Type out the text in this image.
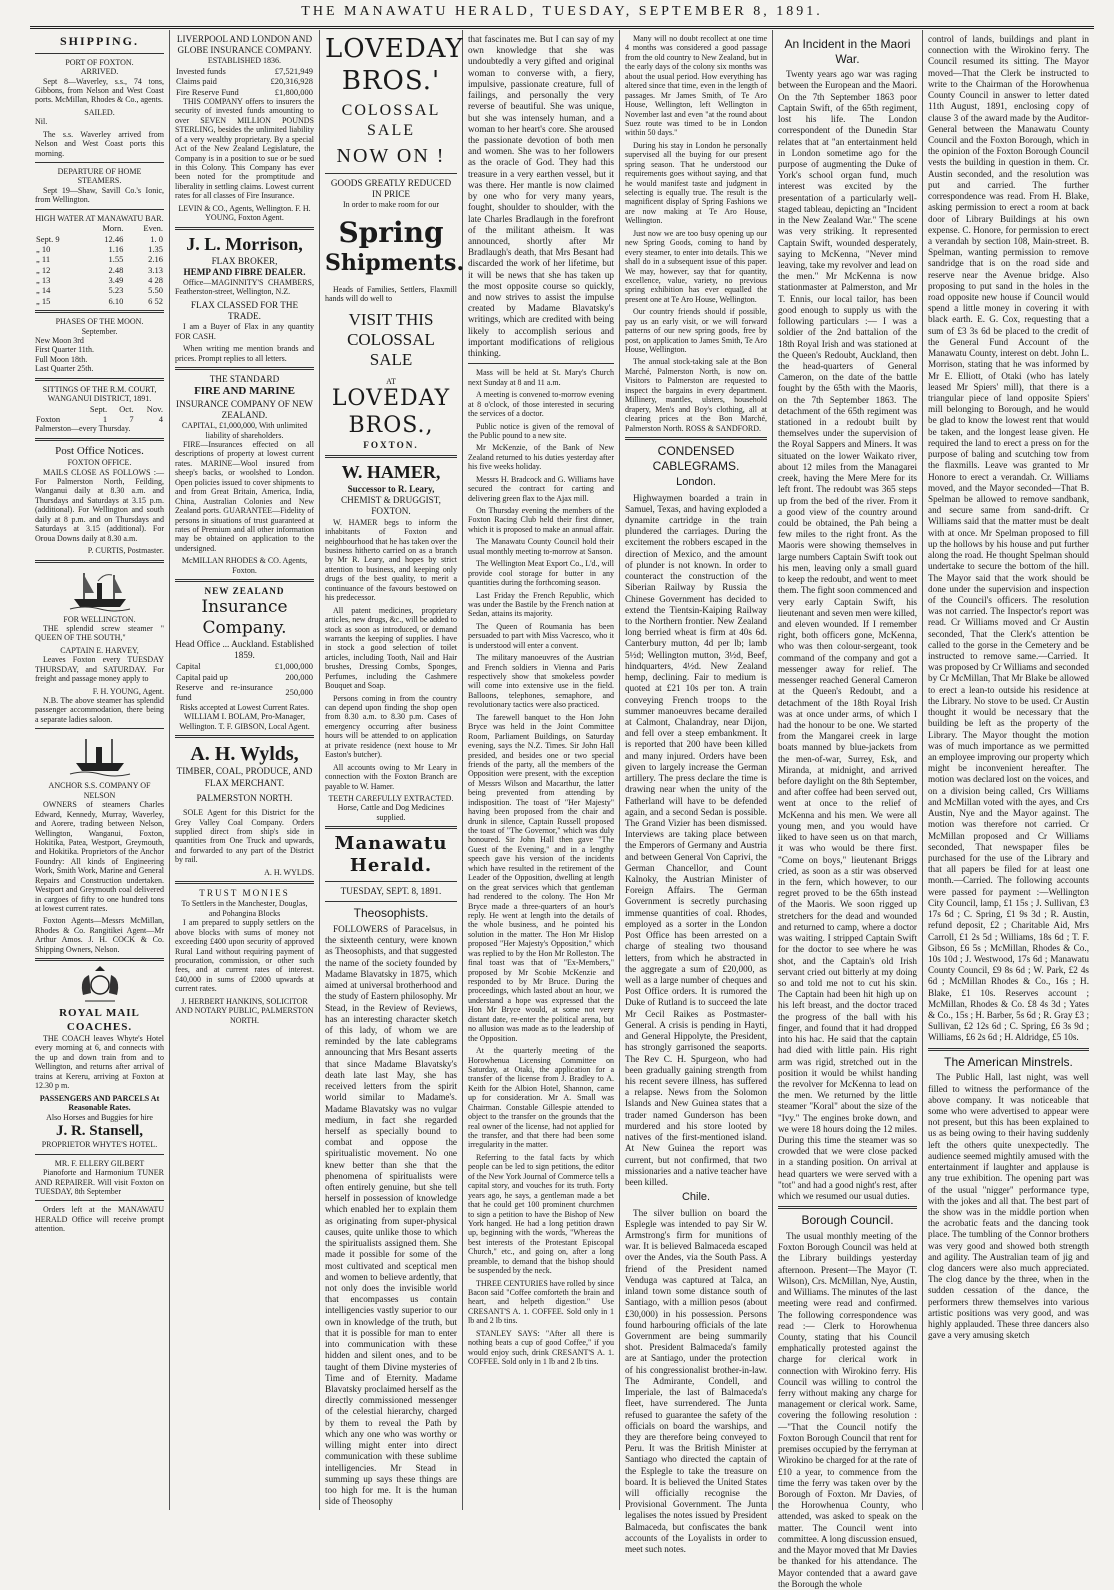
THE MANAWATU HERALD, TUESDAY, SEPTEMBER 8, 1891.
SHIPPING.
PORT OF FOXTON.
ARRIVED.

Sept 8—Waverley, s.s., 74 tons, Gibbons, from Nelson and West Coast ports. McMillan, Rhodes & Co., agents.

SAILED.

Nil.

The s.s. Waverley arrived from Nelson and West Coast ports this morning.

DEPARTURE OF HOME STEAMERS.

Sept 19—Shaw, Savill Co.'s Ionic, from Wellington.

HIGH WATER AT MANAWATU BAR.
	Morn.	Even.
Sept. 9	12.46	1. 0
„ 10	1.16	1.35
„ 11	1.55	2.16
„ 12	2.48	3.13
„ 13	3.49	4 28
„ 14	5.23	5.50
„ 15	6.10	6 52
PHASES OF THE MOON.
September.
New Moon 3rd
First Quarter 11th.
Full Moon 18th.
Last Quarter 25th.
SITTINGS OF THE R.M. COURT, WANGANUI DISTRICT, 1891.
	Sept.	Oct.	Nov.
Foxton	1	7	4
Palmerston—every Thursday.
Post Office Notices.
FOXTON OFFICE.

MAILS CLOSE AS FOLLOWS :— For Palmerston North, Feilding, Wanganui daily at 8.30 a.m. and Thursdays and Saturdays at 3.15 p.m. (additional). For Wellington and south daily at 8 p.m. and on Thursdays and Saturdays at 3.15 (additional). For Oroua Downs daily at 8.30 a.m.

P. CURTIS, Postmaster.
FOR WELLINGTON.

THE splendid screw steamer " QUEEN OF THE SOUTH,"

CAPTAIN E. HARVEY,

Leaves Foxton every TUESDAY THURSDAY, and SATURDAY. For freight and passage money apply to

F. H. YOUNG, Agent.

N.B. The above steamer has splendid passenger accommodation, there being a separate ladies saloon.

ANCHOR S.S. COMPANY OF NELSON

OWNERS of steamers Charles Edward, Kennedy, Murray, Waverley, and Aorere, trading between Nelson, Wellington, Wanganui, Foxton, Hokitika, Patea, Westport, Greymouth, and Hokitika. Proprietors of the Anchor Foundry: All kinds of Engineering Work, Smith Work, Marine and General Repairs and Construction undertaken. Westport and Greymouth coal delivered in cargoes of fifty to one hundred tons at lowest current rates.

Foxton Agents—Messrs McMillan, Rhodes & Co. Rangitikei Agent—Mr Arthur Amos. J. H. COCK & Co. Shipping Owners, Nelson.

ROYAL MAIL COACHES.

THE COACH leaves Whyte's Hotel every morning at 6, and connects with the up and down train from and to Wellington, and returns after arrival of trains at Kereru, arriving at Foxton at 12.30 p m.

PASSENGERS AND PARCELS At Reasonable Rates.
Also Horses and Buggies for hire
J. R. Stansell,
PROPRIETOR WHYTE'S HOTEL.
MR. F. ELLERY GILBERT

Pianoforte and Harmonium TUNER AND REPAIRER. Will visit Foxton on TUESDAY, 8th September

Orders left at the MANAWATU HERALD Office will receive prompt attention.

LIVERPOOL AND LONDON AND GLOBE INSURANCE COMPANY.
ESTABLISHED 1836.
Invested funds	£7,521,949
Claims paid	£20,316,928
Fire Reserve Fund	£1,800,000

THIS COMPANY offers to insurers the security of invested funds amounting to over SEVEN MILLION POUNDS STERLING, besides the unlimited liability of a very wealthy proprietary. By a special Act of the New Zealand Legislature, the Company is in a position to sue or be sued in this Colony. This Company has ever been noted for the promptitude and liberality in settling claims. Lowest current rates for all classes of Fire Insurance.

LEVIN & CO., Agents, Wellington. F. H. YOUNG, Foxton Agent.
J. L. Morrison,
FLAX BROKER,
HEMP AND FIBRE DEALER.

Office—MAGINNITY'S CHAMBERS, Featherston-street, Wellington, N.Z.

FLAX CLASSED FOR THE TRADE.

I am a Buyer of Flax in any quantity FOR CASH.

When writing me mention brands and prices. Prompt replies to all letters.

THE STANDARD
FIRE AND MARINE
INSURANCE COMPANY OF NEW ZEALAND.
CAPITAL, £1,000,000, With unlimited liability of shareholders.

FIRE—Insurances effected on all descriptions of property at lowest current rates. MARINE—Wool insured from sheep's backs, or woolshed to London. Open policies issued to cover shipments to and from Great Britain, America, India, China, Australian Colonies and New Zealand ports. GUARANTEE—Fidelity of persons in situations of trust guaranteed at rates of Premium and all other information may be obtained on application to the undersigned.

McMILLAN RHODES & CO. Agents, Foxton.
NEW ZEALAND
Insurance Company.
Head Office ... Auckland. Established 1859.
Capital	£1,000,000
Capital paid up	200,000
Reserve and re-insurance fund	250,000
Risks accepted at Lowest Current Rates.
WILLIAM I. BOLAM, Pro-Manager, Wellington. T. F. GIBSON, Local Agent.
A. H. Wylds,
TIMBER, COAL, PRODUCE, AND FLAX MERCHANT.
PALMERSTON NORTH.

SOLE Agent for this District for the Grey Valley Coal Company. Orders supplied direct from ship's side in quantities from One Truck and upwards, and forwarded to any part of the District by rail.

A. H. WYLDS.
TRUST MONIES
To Settlers in the Manchester, Douglas, and Pohangina Blocks

I am prepared to supply settlers on the above blocks with sums of money not exceeding £400 upon security of approved Rural Land without requiring payment of procuration, commission, or other such fees, and at current rates of interest. £40,000 in sums of £2000 upwards at current rates.

J. HERBERT HANKINS, SOLICITOR AND NOTARY PUBLIC, PALMERSTON NORTH.
LOVEDAY BROS.'
COLOSSAL SALE
NOW ON !
GOODS GREATLY REDUCED IN PRICE
In order to make room for our
Spring
Shipments.

Heads of Families, Settlers, Flaxmill hands will do well to

VISIT THIS COLOSSAL SALE
AT
LOVEDAY BROS.,
FOXTON.
W. HAMER,
Successor to R. Leary,
CHEMIST & DRUGGIST, FOXTON.

W. HAMER begs to inform the inhabitants of Foxton and neighbourhood that he has taken over the business hitherto carried on as a branch by Mr R. Leary, and hopes by strict attention to business, and keeping only drugs of the best quality, to merit a continuance of the favours bestowed on his predecessor.

All patent medicines, proprietary articles, new drugs, &c., will be added to stock as soon as introduced, or demand warrants the keeping of supplies. I have in stock a good selection of toilet articles, including Tooth, Nail and Hair brushes, Dressing Combs, Sponges, Perfumes, including the Cashmere Bouquet and Soap.

Persons coming in from the country can depend upon finding the shop open from 8.30 a.m. to 8.30 p.m. Cases of emergency occurring after business hours will be attended to on application at private residence (next house to Mr Easton's butcher).

All accounts owing to Mr Leary in connection with the Foxton Branch are payable to W. Hamer.

TEETH CAREFULLY EXTRACTED.
Horse, Cattle and Dog Medicines supplied.
Manawatu Herald.
TUESDAY, SEPT. 8, 1891.
Theosophists.

FOLLOWERS of Paracelsus, in the sixteenth century, were known as Theosophists, and that suggested the name of the society founded by Madame Blavatsky in 1875, which aimed at universal brotherhood and the study of Eastern philosophy. Mr Stead, in the Review of Reviews, has an interesting character sketch of this lady, of whom we are reminded by the late cablegrams announcing that Mrs Besant asserts that since Madame Blavatsky's death late last May, she has received letters from the spirit world similar to Madame's. Madame Blavatsky was no vulgar medium, in fact she regarded herself as specially bound to combat and oppose the spiritualistic movement. No one knew better than she that the phenomena of spiritualists were often entirely genuine, but she tell herself in possession of knowledge which enabled her to explain them as originating from super-physical causes, quite unlike those to which the spiritualists assigned them. She made it possible for some of the most cultivated and sceptical men and women to believe ardently, that not only does the invisible world that encompasses us contain intelligencies vastly superior to our own in knowledge of the truth, but that it is possible for man to enter into communication with these hidden and silent ones, and to be taught of them Divine mysteries of Time and of Eternity. Madame Blavatsky proclaimed herself as the directly commissioned messenger of the celestial hierarchy, charged by them to reveal the Path by which any one who was worthy or willing might enter into direct communication with these sublime intelligencies. Mr Stead in summing up says these things are too high for me. It is the human side of Theosophy

that fascinates me. But I can say of my own knowledge that she was undoubtedly a very gifted and original woman to converse with, a fiery, impulsive, passionate creature, full of failings, and personally the very reverse of beautiful. She was unique, but she was intensely human, and a woman to her heart's core. She aroused the passionate devotion of both men and women. She was to her followers as the oracle of God. They had this treasure in a very earthen vessel, but it was there. Her mantle is now claimed by one who for very many years, fought, shoulder to shoulder, with the late Charles Bradlaugh in the forefront of the militant atheism. It was announced, shortly after Mr Bradlaugh's death, that Mrs Besant had discarded the work of her lifetime, but it will be news that she has taken up the most opposite course so quickly, and now strives to assist the impulse created by Madame Blavatsky's writings, which are credited with being likely to accomplish serious and important modifications of religious thinking.

Mass will be held at St. Mary's Church next Sunday at 8 and 11 a.m.

A meeting is convened to-morrow evening at 8 o'clock, of those interested in securing the services of a doctor.

Public notice is given of the removal of the Public pound to a new site.

Mr McKenzie, of the Bank of New Zealand returned to his duties yesterday after his five weeks holiday.

Messrs H. Bradcock and G. Williams have secured the contract for carting and delivering green flax to the Ajax mill.

On Thursday evening the members of the Foxton Racing Club held their first dinner, which it is proposed to make an annual affair.

The Manawatu County Council hold their usual monthly meeting to-morrow at Sanson.

The Wellington Meat Export Co., L'd., will provide cool storage for butter in any quantities during the forthcoming season.

Last Friday the French Republic, which was under the Bastile by the French nation at Sedan, attains its majority.

The Queen of Roumania has been persuaded to part with Miss Vacresco, who it is understood will enter a convent.

The military manoeuvres of the Austrian and French soldiers in Vienna and Paris respectively show that smokeless powder will come into extensive use in the field. Balloons, telephones, semaphore, and revolutionary tactics were also practiced.

The farewell banquet to the Hon John Bryce was held in the Joint Committee Room, Parliament Buildings, on Saturday evening, says the N.Z. Times. Sir John Hall presided, and besides one or two special friends of the party, all the members of the Opposition were present, with the exception of Messrs Wilson and Macarthur, the latter being prevented from attending by indisposition. The toast of "Her Majesty" having been proposed from the chair and drunk in silence, Captain Russell proposed the toast of "The Governor," which was duly honoured. Sir John Hall then gave "The Guest of the Evening," and in a lengthy speech gave his version of the incidents which have resulted in the retirement of the Leader of the Opposition, dwelling at length on the great services which that gentleman had rendered to the colony. The Hon Mr Bryce made a three-quarters of an hour's reply. He went at length into the details of the whole business, and he pointed his solution in the matter. The Hon Mr Hislop proposed "Her Majesty's Opposition," which was replied to by the Hon Mr Rolleston. The final toast was that of "Ex-Members," proposed by Mr Scobie McKenzie and responded to by Mr Bruce. During the proceedings, which lasted about an hour, we understand a hope was expressed that the Hon Mr Bryce would, at some not very distant date, re-enter the political arena, but no allusion was made as to the leadership of the Opposition.

At the quarterly meeting of the Horowhenua Licensing Committee on Saturday, at Otaki, the application for a transfer of the license from J. Bradley to A. Keith for the Albion Hotel, Shannon, came up for consideration. Mr A. Small was Chairman. Constable Gillespie attended to object to the transfer on the grounds that the real owner of the license, had not applied for the transfer, and that there had been some irregularity in the matter.

Referring to the fatal facts by which people can be led to sign petitions, the editor of the New York Journal of Commerce tells a capital story, and vouches for its truth. Forty years ago, he says, a gentleman made a bet that he could get 100 prominent churchmen to sign a petition to have the Bishop of New York hanged. He had a long petition drawn up, beginning with the words, "Whereas the best interests of the Protestant Episcopal Church," etc., and going on, after a long preamble, to demand that the bishop should be suspended by the neck.

THREE CENTURIES have rolled by since Bacon said "Coffee comforteth the brain and heart, and helpeth digestion." Use CRESANT'S A. 1. COFFEE. Sold only in 1 lb and 2 lb tins.

STANLEY SAYS: "After all there is nothing beats a cup of good Coffee," if you would enjoy such, drink CRESANT'S A. 1. COFFEE. Sold only in 1 lb and 2 lb tins.

Many will no doubt recollect at one time 4 months was considered a good passage from the old country to New Zealand, but in the early days of the colony six months was about the usual period. How everything has altered since that time, even in the length of passages. Mr James Smith, of Te Aro House, Wellington, left Wellington in November last and even "at the round about Suez route was timed to be in London within 50 days."

During his stay in London he personally supervised all the buying for our present spring season. That he understood our requirements goes without saying, and that he would manifest taste and judgment in selecting is equally true. The result is the magnificent display of Spring Fashions we are now making at Te Aro House, Wellington.

Just now we are too busy opening up our new Spring Goods, coming to hand by every steamer, to enter into details. This we shall do in a subsequent issue of this paper. We may, however, say that for quantity, excellence, value, variety, no previous spring exhibition has ever equalled the present one at Te Aro House, Wellington.

Our country friends should if possible, pay us an early visit, or we will forward patterns of our new spring goods, free by post, on application to James Smith, Te Aro House, Wellington.

The annual stock-taking sale at the Bon Marché, Palmerston North, is now on. Visitors to Palmerston are requested to inspect the bargains in every department. Millinery, mantles, ulsters, household drapery, Men's and Boy's clothing, all at clearing prices at the Bon Marché, Palmerston North. ROSS & SANDFORD.

CONDENSED CABLEGRAMS.
London.

Highwaymen boarded a train in Samuel, Texas, and having exploded a dynamite cartridge in the train plundered the carriages. During the excitement the robbers escaped in the direction of Mexico, and the amount of plunder is not known. In order to counteract the construction of the Siberian Railway by Russia the Chinese Government has decided to extend the Tientsin-Kaiping Railway to the Northern frontier. New Zealand long berried wheat is firm at 40s 6d. Canterbury mutton, 4d per lb; lamb 5½d; Wellington mutton, 3½d, Beef, hindquarters, 4½d. New Zealand hemp, declining. Fair to medium is quoted at £21 10s per ton. A train conveying French troops to the summer manoeuvres became derailed at Calmont, Chalandray, near Dijon, and fell over a steep embankment. It is reported that 200 have been killed and many injured. Orders have been given to largely increase the German artillery. The press declare the time is drawing near when the unity of the Fatherland will have to be defended again, and a second Sedan is possible. The Grand Vizier has been dismissed. Interviews are taking place between the Emperors of Germany and Austria and between General Von Caprivi, the German Chancellor, and Count Kalnoky, the Austrian Minister of Foreign Affairs. The German Government is secretly purchasing immense quantities of coal. Rhodes, employed as a sorter in the London Post Office has been arrested on a charge of stealing two thousand letters, from which he abstracted in the aggregate a sum of £20,000, as well as a large number of cheques and Post Office orders. It is rumored the Duke of Rutland is to succeed the late Mr Cecil Raikes as Postmaster-General. A crisis is pending in Hayti, and General Hippolyte, the President, has strongly garrisoned the seaports. The Rev C. H. Spurgeon, who had been gradually gaining strength from his recent severe illness, has suffered a relapse. News from the Solomon Islands and New Guinea states that a trader named Gunderson has been murdered and his store looted by natives of the first-mentioned island. At New Guinea the report was current, but not confirmed, that two missionaries and a native teacher have been killed.

Chile.

The silver bullion on board the Esplegle was intended to pay Sir W. Armstrong's firm for munitions of war. It is believed Balmaceda escaped over the Andes, via the South Pass. A friend of the President named Venduga was captured at Talca, an inland town some distance south of Santiago, with a million pesos (about £30,000) in his possession. Persons found harbouring officials of the late Government are being summarily shot. President Balmaceda's family are at Santiago, under the protection of his congressionalist brother-in-law. The Admirante, Condell, and Imperiale, the last of Balmaceda's fleet, have surrendered. The Junta refused to guarantee the safety of the officials on board the warships, and they are therefore being conveyed to Peru. It was the British Minister at Santiago who directed the captain of the Esplegle to take the treasure on board. It is believed the United States will officially recognise the Provisional Government. The Junta legalises the notes issued by President Balmaceda, but confiscates the bank accounts of the Loyalists in order to meet such notes.

An Incident in the Maori War.

Twenty years ago war was raging between the European and the Maori. On the 7th September 1863 poor Captain Swift, of the 65th regiment, lost his life. The London correspondent of the Dunedin Star relates that at "an entertainment held in London sometime ago for the purpose of augmenting the Duke of York's school organ fund, much interest was excited by the presentation of a particularly well-staged tableau, depicting an "Incident in the New Zealand War." The scene was very striking. It represented Captain Swift, wounded desperately, saying to McKenna, "Never mind leaving, take my revolver and lead on the men." Mr McKenna is now stationmaster at Palmerston, and Mr T. Ennis, our local tailor, has been good enough to supply us with the following particulars :— I was a soldier of the 2nd battalion of the 18th Royal Irish and was stationed at the Queen's Redoubt, Auckland, then the head-quarters of General Cameron, on the date of the battle fought by the 65th with the Maoris, on the 7th September 1863. The detachment of the 65th regiment was stationed in a redoubt built by themselves under the supervision of the Royal Sappers and Miners. It was situated on the lower Waikato river, about 12 miles from the Managarei creek, having the Mere Mere for its left front. The redoubt was 365 steps up from the bed of the river. From it a good view of the country around could be obtained, the Pah being a few miles to the right front. As the Maoris were showing themselves in large numbers Captain Swift took out his men, leaving only a small guard to keep the redoubt, and went to meet them. The fight soon commenced and very early Captain Swift, his lieutenant and seven men were killed, and eleven wounded. If I remember right, both officers gone, McKenna, who was then colour-sergeant, took command of the company and got a messenger away for relief. The messenger reached General Cameron at the Queen's Redoubt, and a detachment of the 18th Royal Irish was at once under arms, of which I had the honour to be one. We started from the Mangarei creek in large boats manned by blue-jackets from the men-of-war, Surrey, Esk, and Miranda, at midnight, and arrived before daylight on the 8th September, and after coffee had been served out, went at once to the relief of McKenna and his men. We were all young men, and you would have liked to have seen us on that march, it was who would be there first. "Come on boys," lieutenant Briggs cried, as soon as a stir was observed in the fern, which however, to our regret proved to be the 65th instead of the Maoris. We soon rigged up stretchers for the dead and wounded and returned to camp, where a doctor was waiting. I stripped Captain Swift for the doctor to see where he was shot, and the Captain's old Irish servant cried out bitterly at my doing so and told me not to cut his skin. The Captain had been hit high up on his left breast, and the doctor traced the progress of the ball with his finger, and found that it had dropped into his hac. He said that the captain had died with little pain. His right arm was rigid, stretched out in the position it would be whilst handing the revolver for McKenna to lead on the men. We returned by the little steamer "Koral" about the size of the "Ivy." The engines broke down, and we were 18 hours doing the 12 miles. During this time the steamer was so crowded that we were close packed in a standing position. On arrival at head quarters we were served with a "tot" and had a good night's rest, after which we resumed our usual duties.

Borough Council.

The usual monthly meeting of the Foxton Borough Council was held at the Library buildings yesterday afternoon. Present—The Mayor (T. Wilson), Crs. McMillan, Nye, Austin, and Williams. The minutes of the last meeting were read and confirmed. The following correspondence was read :— Clerk to Horowhenua County, stating that his Council emphatically protested against the charge for clerical work in connection with Wirokino ferry. His Council was willing to control the ferry without making any charge for management or clerical work. Same, covering the following resolution :—"That the Council notify the Foxton Borough Council that rent for premises occupied by the ferryman at Wirokino be charged for at the rate of £10 a year, to commence from the time the ferry was taken over by the Borough of Foxton. Mr Davies, of the Horowhenua County, who attended, was asked to speak on the matter. The Council went into committee. A long discussion ensued, and the Mayor moved that Mr Davies be thanked for his attendance. The Mayor contended that a award gave the Borough the whole

control of lands, buildings and plant in connection with the Wirokino ferry. The Council resumed its sitting. The Mayor moved—That the Clerk be instructed to write to the Chairman of the Horowhenua County Council in answer to letter dated 11th August, 1891, enclosing copy of clause 3 of the award made by the Auditor-General between the Manawatu County Council and the Foxton Borough, which in the opinion of the Foxton Borough Council vests the building in question in them. Cr. Austin seconded, and the resolution was put and carried. The further correspondence was read. From H. Blake, asking permission to erect a room at back door of Library Buildings at his own expense. C. Honore, for permission to erect a verandah by section 108, Main-street. B. Spelman, wanting permission to remove sandridge that is on the road side and reserve near the Avenue bridge. Also proposing to put sand in the holes in the road opposite new house if Council would spend a little money in covering it with black earth. E. G. Cox, requesting that a sum of £3 3s 6d be placed to the credit of the General Fund Account of the Manawatu County, interest on debt. John L. Morrison, stating that he was informed by Mr E. Elliott, of Otaki (who has lately leased Mr Spiers' mill), that there is a triangular piece of land opposite Spiers' mill belonging to Borough, and he would be glad to know the lowest rent that would be taken, and the longest lease given. He required the land to erect a press on for the purpose of baling and scutching tow from the flaxmills. Leave was granted to Mr Honore to erect a verandah. Cr. Williams moved, and the Mayor seconded—That B. Spelman be allowed to remove sandbank, and secure same from sand-drift. Cr Williams said that the matter must be dealt with at once. Mr Spelman proposed to fill up the hollows by his house and put further along the road. He thought Spelman should undertake to secure the bottom of the hill. The Mayor said that the work should be done under the supervision and inspection of the Council's officers. The resolution was not carried. The Inspector's report was read. Cr Williams moved and Cr Austin seconded, That the Clerk's attention be called to the gorse in the Cemetery and be instructed to remove same.—Carried. It was proposed by Cr Williams and seconded by Cr McMillan, That Mr Blake be allowed to erect a lean-to outside his residence at the Library. No stove to be used. Cr Austin thought it would be necessary that the building be left as the property of the Library. The Mayor thought the motion was of much importance as we permitted an employee improving our property which might be inconvenient hereafter. The motion was declared lost on the voices, and on a division being called, Crs Williams and McMillan voted with the ayes, and Crs Austin, Nye and the Mayor against. The motion was therefore not carried. Cr McMillan proposed and Cr Williams seconded, That newspaper files be purchased for the use of the Library and that all papers be filed for at least one month.—Carried. The following accounts were passed for payment :—Wellington City Council, lamp, £1 15s ; J. Sullivan, £3 17s 6d ; C. Spring, £1 9s 3d ; R. Austin, refund deposit, £2 ; Charitable Aid, Mrs Carroll, £1 2s 5d ; Williams, 18s 6d ; T. F. Gibson, £6 5s ; McMillan, Rhodes & Co., 10s 10d ; J. Westwood, 17s 6d ; Manawatu County Council, £9 8s 6d ; W. Park, £2 4s 6d ; McMillan Rhodes & Co., 16s ; H. Blake, £1 10s. Reserves account ; McMillan, Rhodes & Co. £8 4s 3d ; Yates & Co., 15s ; H. Barber, 5s 6d ; R. Gray £3 ; Sullivan, £2 12s 6d ; C. Spring, £6 3s 9d ; Williams, £6 2s 6d ; H. Aldridge, £5 10s.

The American Minstrels.

The Public Hall, last night, was well filled to witness the performance of the above company. It was noticeable that some who were advertised to appear were not present, but this has been explained to us as being owing to their having suddenly left the others quite unexpectedly. The audience seemed mightily amused with the entertainment if laughter and applause is any true exhibition. The opening part was of the usual "nigger" performance type, with the jokes and all that. The best part of the show was in the middle portion when the acrobatic feats and the dancing took place. The tumbling of the Connor brothers was very good and showed both strength and agility. The Australian team of jig and clog dancers were also much appreciated. The clog dance by the three, when in the sudden cessation of the dance, the performers threw themselves into various artistic positions was very good, and was highly applauded. These three dancers also gave a very amusing sketch
